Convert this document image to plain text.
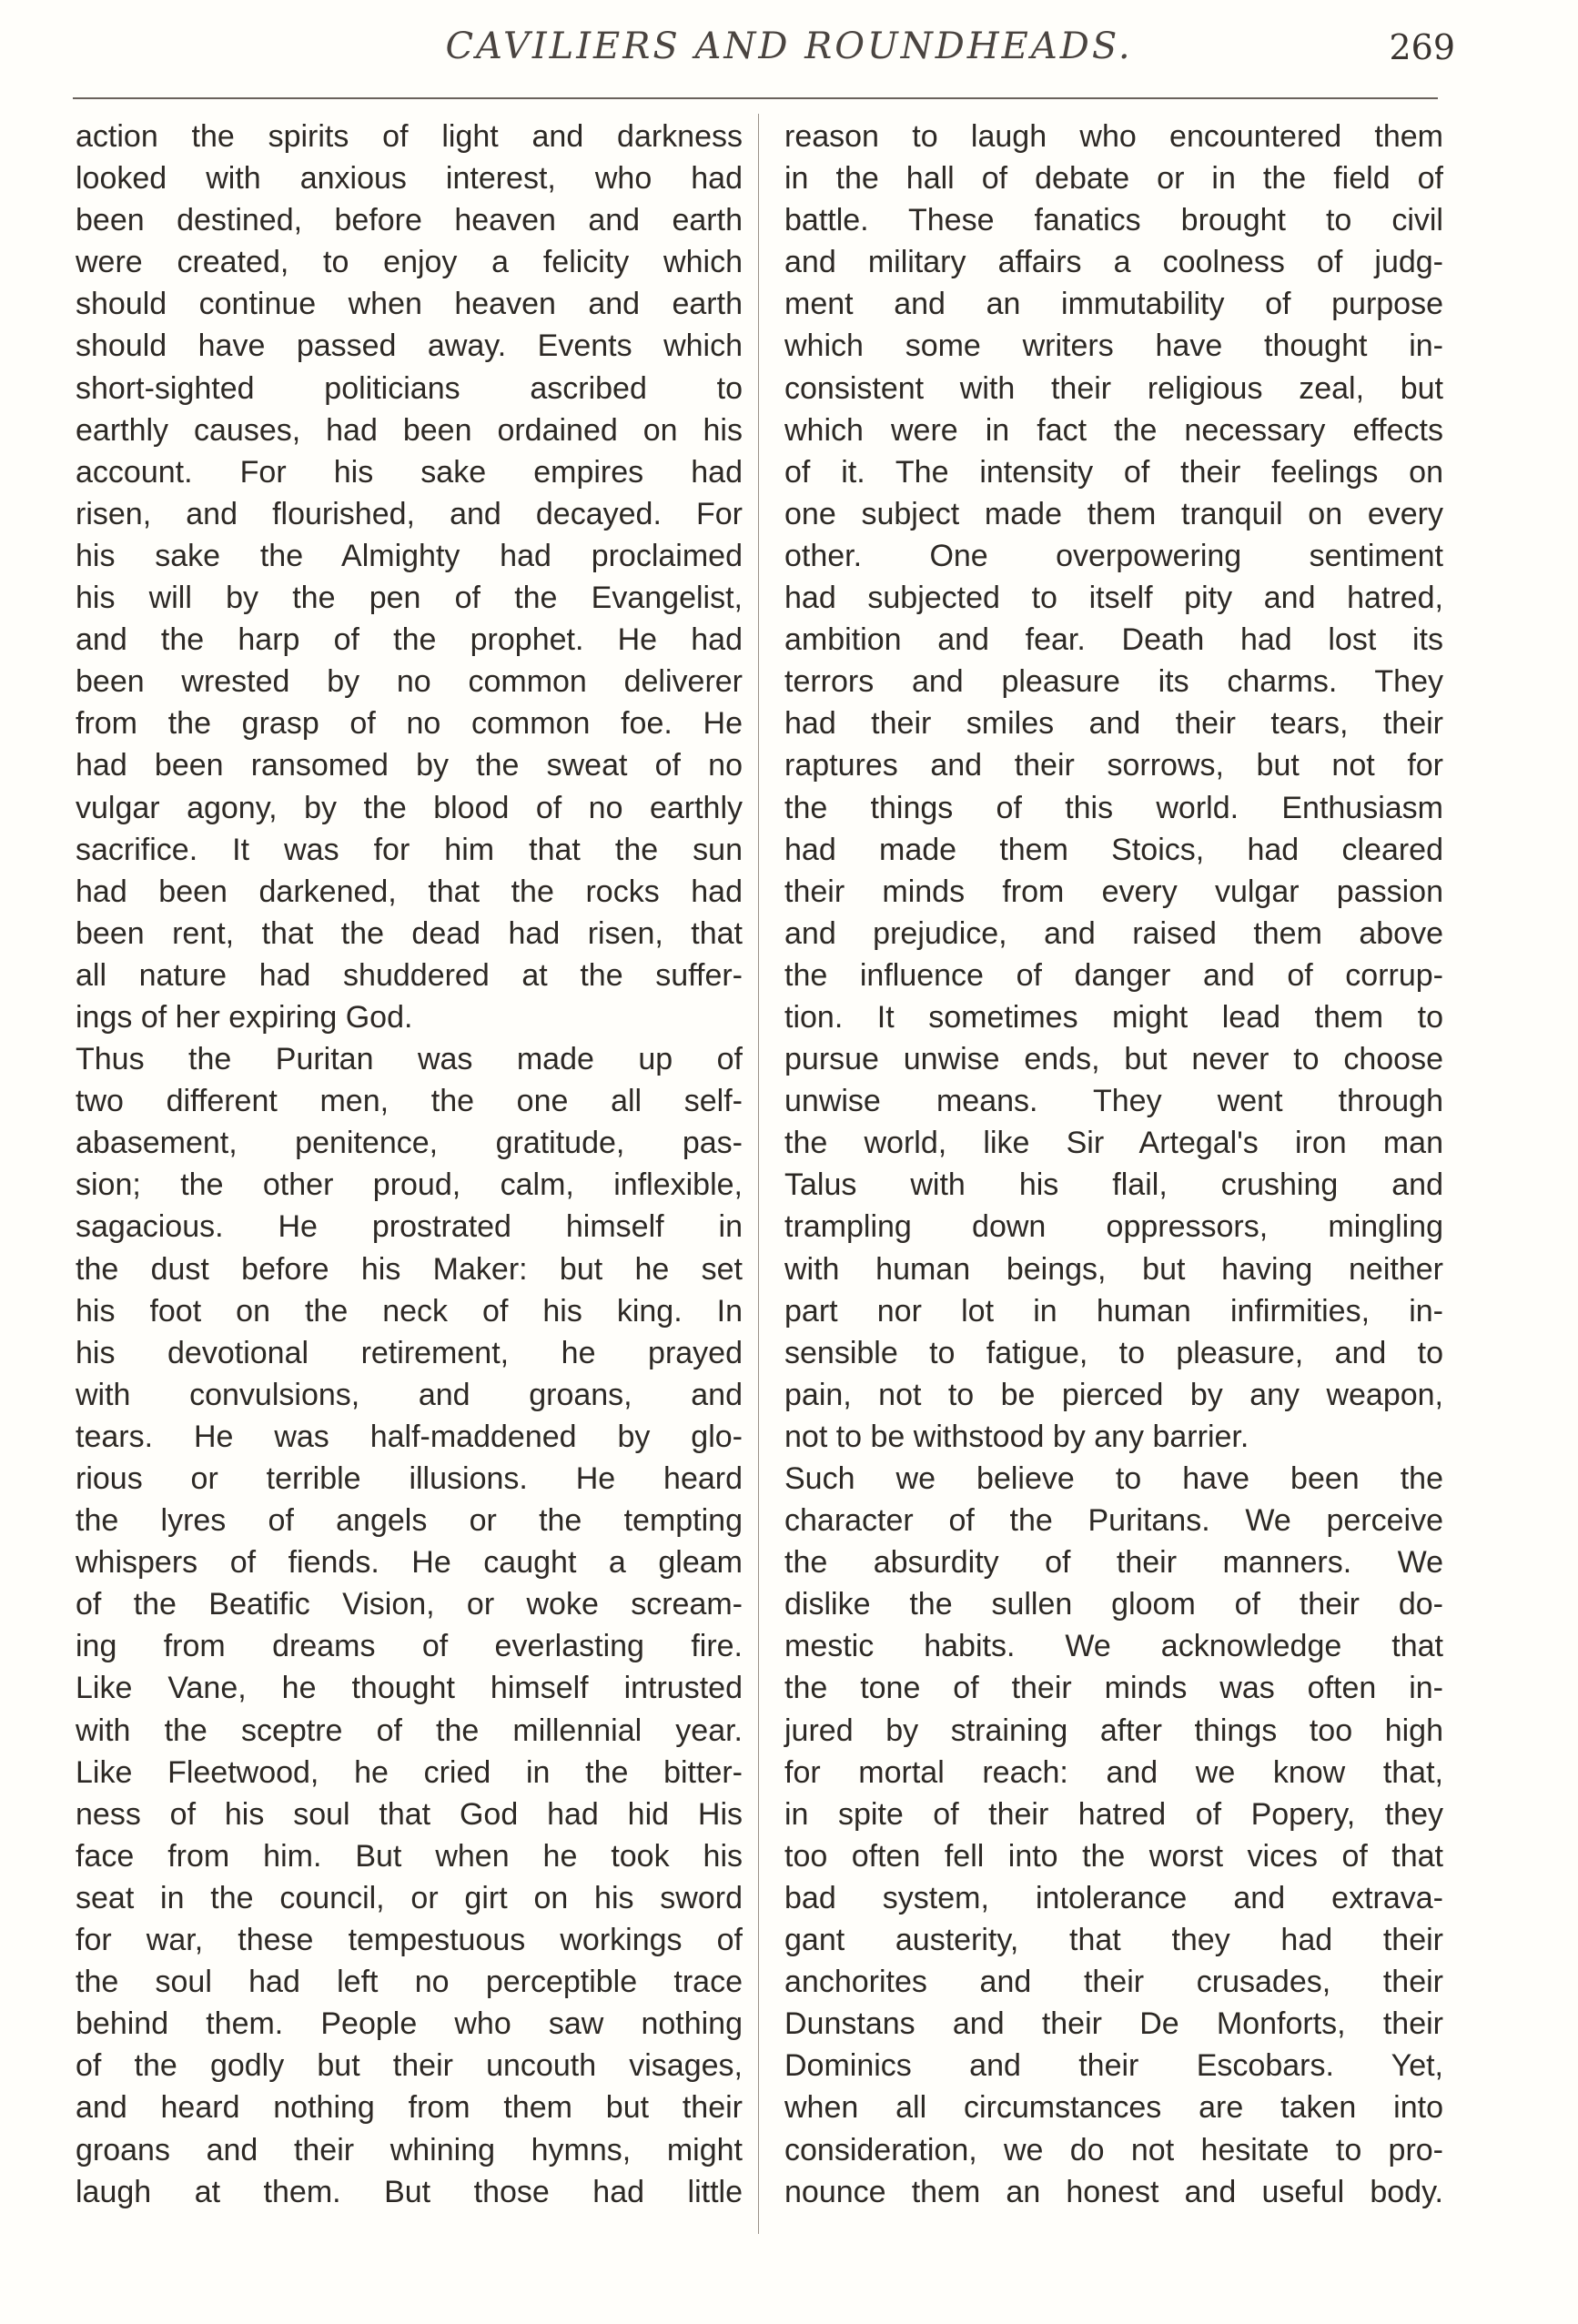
CAVILIERS AND ROUNDHEADS.	269
action the spirits of light and darkness
looked with anxious interest, who had
been destined, before heaven and earth
were created, to enjoy a felicity which
should continue when heaven and earth
should have passed away. Events which
short-sighted politicians ascribed to
earthly causes, had been ordained on his
account. For his sake empires had
risen, and flourished, and decayed. For
his sake the Almighty had proclaimed
his will by the pen of the Evangelist,
and the harp of the prophet. He had
been wrested by no common deliverer
from the grasp of no common foe. He
had been ransomed by the sweat of no
vulgar agony, by the blood of no earthly
sacrifice. It was for him that the sun
had been darkened, that the rocks had
been rent, that the dead had risen, that
all nature had shuddered at the suffer-
ings of her expiring God.
Thus the Puritan was made up of
two different men, the one all self-
abasement, penitence, gratitude, pas-
sion; the other proud, calm, inflexible,
sagacious. He prostrated himself in
the dust before his Maker: but he set
his foot on the neck of his king. In
his devotional retirement, he prayed
with convulsions, and groans, and
tears. He was half-maddened by glo-
rious or terrible illusions. He heard
the lyres of angels or the tempting
whispers of fiends. He caught a gleam
of the Beatific Vision, or woke scream-
ing from dreams of everlasting fire.
Like Vane, he thought himself intrusted
with the sceptre of the millennial year.
Like Fleetwood, he cried in the bitter-
ness of his soul that God had hid His
face from him. But when he took his
seat in the council, or girt on his sword
for war, these tempestuous workings of
the soul had left no perceptible trace
behind them. People who saw nothing
of the godly but their uncouth visages,
and heard nothing from them but their
groans and their whining hymns, might
laugh at them. But those had little
reason to laugh who encountered them
in the hall of debate or in the field of
battle. These fanatics brought to civil
and military affairs a coolness of judg-
ment and an immutability of purpose
which some writers have thought in-
consistent with their religious zeal, but
which were in fact the necessary effects
of it. The intensity of their feelings on
one subject made them tranquil on every
other. One overpowering sentiment
had subjected to itself pity and hatred,
ambition and fear. Death had lost its
terrors and pleasure its charms. They
had their smiles and their tears, their
raptures and their sorrows, but not for
the things of this world. Enthusiasm
had made them Stoics, had cleared
their minds from every vulgar passion
and prejudice, and raised them above
the influence of danger and of corrup-
tion. It sometimes might lead them to
pursue unwise ends, but never to choose
unwise means. They went through
the world, like Sir Artegal's iron man
Talus with his flail, crushing and
trampling down oppressors, mingling
with human beings, but having neither
part nor lot in human infirmities, in-
sensible to fatigue, to pleasure, and to
pain, not to be pierced by any weapon,
not to be withstood by any barrier.
Such we believe to have been the
character of the Puritans. We perceive
the absurdity of their manners. We
dislike the sullen gloom of their do-
mestic habits. We acknowledge that
the tone of their minds was often in-
jured by straining after things too high
for mortal reach: and we know that,
in spite of their hatred of Popery, they
too often fell into the worst vices of that
bad system, intolerance and extrava-
gant austerity, that they had their
anchorites and their crusades, their
Dunstans and their De Monforts, their
Dominics and their Escobars. Yet,
when all circumstances are taken into
consideration, we do not hesitate to pro-
nounce them an honest and useful body.
